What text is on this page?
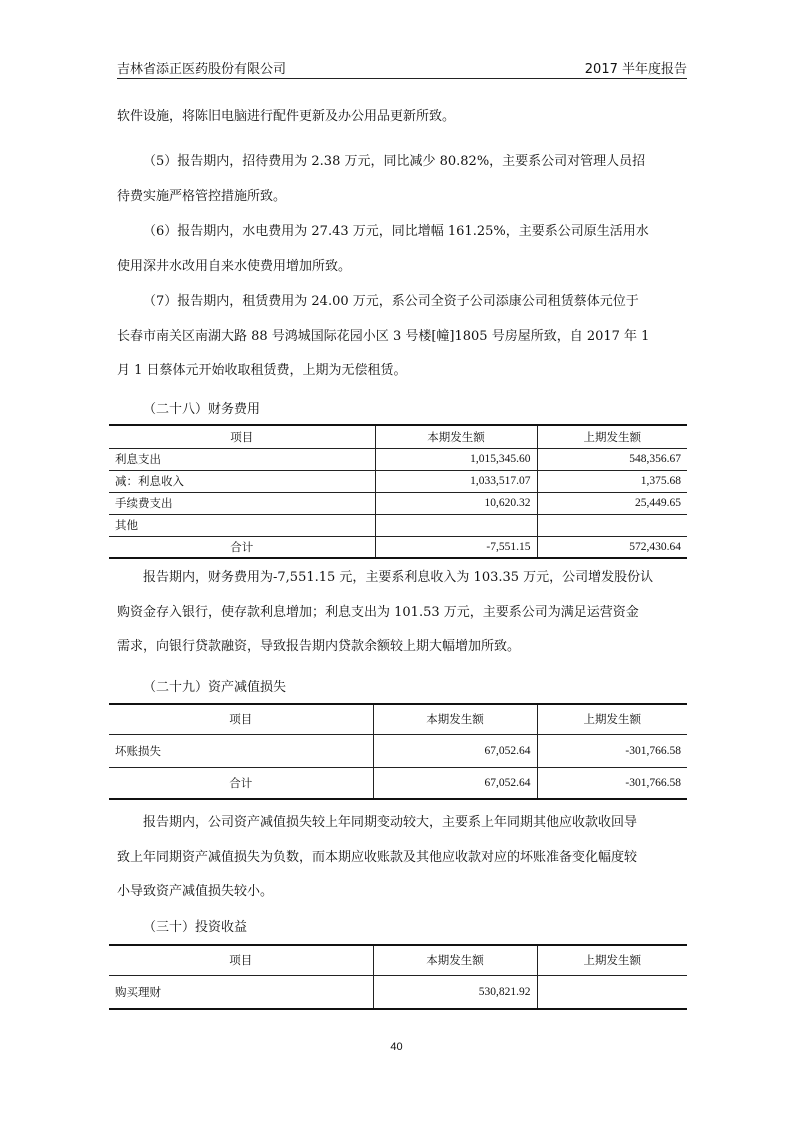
吉林省添正医药股份有限公司	2017 半年度报告
软件设施，将陈旧电脑进行配件更新及办公用品更新所致。
（5）报告期内，招待费用为 2.38 万元，同比减少 80.82%，主要系公司对管理人员招
待费实施严格管控措施所致。
（6）报告期内，水电费用为 27.43 万元，同比增幅 161.25%，主要系公司原生活用水
使用深井水改用自来水使费用增加所致。
（7）报告期内，租赁费用为 24.00 万元，系公司全资子公司添康公司租赁蔡体元位于
长春市南关区南湖大路 88 号鸿城国际花园小区 3 号楼[幢]1805 号房屋所致，自 2017 年 1
月 1 日蔡体元开始收取租赁费，上期为无偿租赁。

（二十八）财务费用

项目	本期发生额	上期发生额
利息支出	1,015,345.60	548,356.67
减：利息收入	1,033,517.07	1,375.68
手续费支出	10,620.32	25,449.65
其他		
合计	-7,551.15	572,430.64
报告期内，财务费用为-7,551.15 元，主要系利息收入为 103.35 万元，公司增发股份认
购资金存入银行，使存款利息增加；利息支出为 101.53 万元，主要系公司为满足运营资金
需求，向银行贷款融资，导致报告期内贷款余额较上期大幅增加所致。

（二十九）资产减值损失

项目	本期发生额	上期发生额
坏账损失	67,052.64	-301,766.58
合计	67,052.64	-301,766.58
报告期内，公司资产减值损失较上年同期变动较大，主要系上年同期其他应收款收回导
致上年同期资产减值损失为负数，而本期应收账款及其他应收款对应的坏账准备变化幅度较
小导致资产减值损失较小。

（三十）投资收益

项目	本期发生额	上期发生额
购买理财	530,821.92	
40
